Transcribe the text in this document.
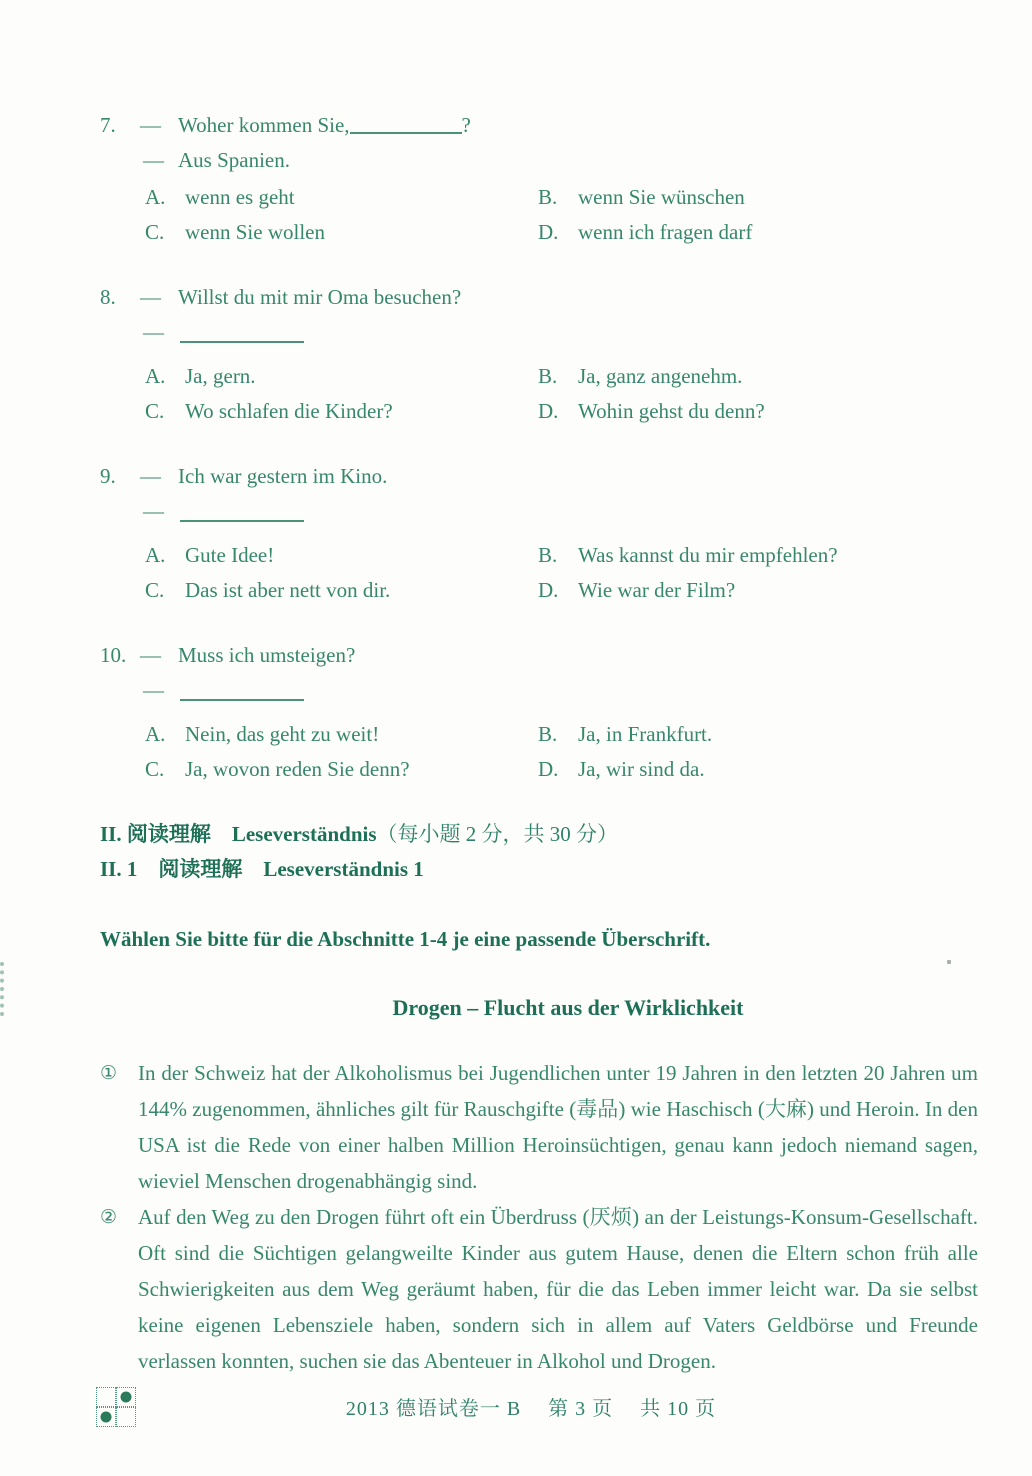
7.	— Woher kommen Sie,	?
— Aus Spanien.
A. wenn es geht	B. wenn Sie wünschen
C. wenn Sie wollen	D. wenn ich fragen darf
8.	— Willst du mit mir Oma besuchen?
—
A. Ja, gern.	B. Ja, ganz angenehm.
C. Wo schlafen die Kinder?	D. Wohin gehst du denn?
9.	— Ich war gestern im Kino.
—
A. Gute Idee!	B. Was kannst du mir empfehlen?
C. Das ist aber nett von dir.	D. Wie war der Film?
10. — Muss ich umsteigen?
—
A. Nein, das geht zu weit!	B. Ja, in Frankfurt.
C. Ja, wovon reden Sie denn?	D. Ja, wir sind da.
II. 阅读理解　Leseverständnis（每小题 2 分，共 30 分）
II. 1　阅读理解　Leseverständnis 1
Wählen Sie bitte für die Abschnitte 1-4 je eine passende Überschrift.
Drogen – Flucht aus der Wirklichkeit
① In der Schweiz hat der Alkoholismus bei Jugendlichen unter 19 Jahren in den letzten 20 Jahren um 144% zugenommen, ähnliches gilt für Rauschgifte (毒品) wie Haschisch (大麻) und Heroin. In den USA ist die Rede von einer halben Million Heroinsüchtigen, genau kann jedoch niemand sagen, wieviel Menschen drogenabhängig sind.
② Auf den Weg zu den Drogen führt oft ein Überdruss (厌烦) an der Leistungs-Konsum-Gesellschaft. Oft sind die Süchtigen gelangweilte Kinder aus gutem Hause, denen die Eltern schon früh alle Schwierigkeiten aus dem Weg geräumt haben, für die das Leben immer leicht war. Da sie selbst keine eigenen Lebensziele haben, sondern sich in allem auf Vaters Geldbörse und Freunde verlassen konnten, suchen sie das Abenteuer in Alkohol und Drogen.
2013 德语试卷一 B　 第 3 页 　共 10 页
